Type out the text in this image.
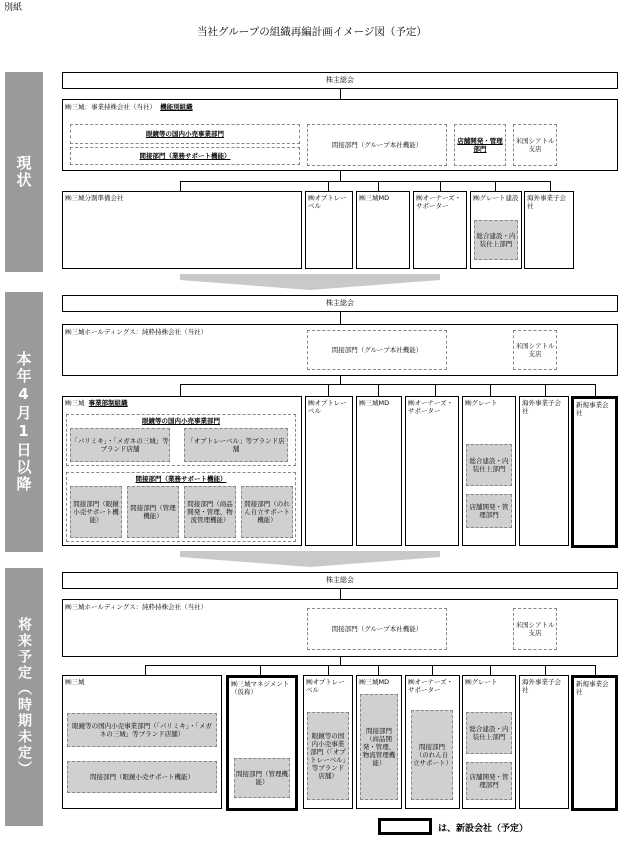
別紙
当社グループの組織再編計画イメージ図（予定）
現状
本年4月1日以降
将来予定（時期未定）
株主総会
㈱三城：事業持株会社（当社） 機能別組織
眼鏡等の国内小売事業部門
間接部門（業務サポート機能）
間接部門（グループ本社機能）
店舗開発・管理部門
米国シアトル支店
㈱三城分割準備会社	㈱オプトレーベル
㈱三城MD	㈱オーナーズ・サポーター
㈱グレート建設
総合建設・内装仕上部門
海外事業子会社
株主総会
㈱三城ホールディングス：純粋持株会社（当社）
間接部門（グループ本社機能）
米国シアトル支店
㈱三城 事業部制組織
眼鏡等の国内小売事業部門
「パリミキ」・「メガネの三城」等ブランド店舗
「オプトレーベル」等ブランド店舗
間接部門（業務サポート機能）
間接部門（眼鏡小売サポート機能）
間接部門（管理機能）
間接部門（商品開発・管理、物流管理機能）
間接部門（のれん自立サポート機能）
㈱オプトレーベル
㈱三城MD	㈱オーナーズ・サポーター
㈱グレート
総合建設・内装仕上部門
店舗開発・管理部門
海外事業子会社
新規事業会社
株主総会
㈱三城ホールディングス：純粋持株会社（当社）
間接部門（グループ本社機能）
米国シアトル支店
㈱三城
眼鏡等の国内小売事業部門（「パリミキ」・「メガネの三城」等ブランド店舗）
間接部門（眼鏡小売サポート機能）
㈱三城マネジメント（仮称）
間接部門（管理機能）
㈱オプトレーベル
眼鏡等の国内小売事業部門（「オプトレーベル」等ブランド店舗）
㈱三城MD
間接部門（商品開発・管理、物流管理機能）
㈱オーナーズ・サポーター
間接部門（のれん自立サポート）
㈱グレート
総合建設・内装仕上部門
店舗開発・管理部門
海外事業子会社
新規事業会社
は、新設会社（予定）
